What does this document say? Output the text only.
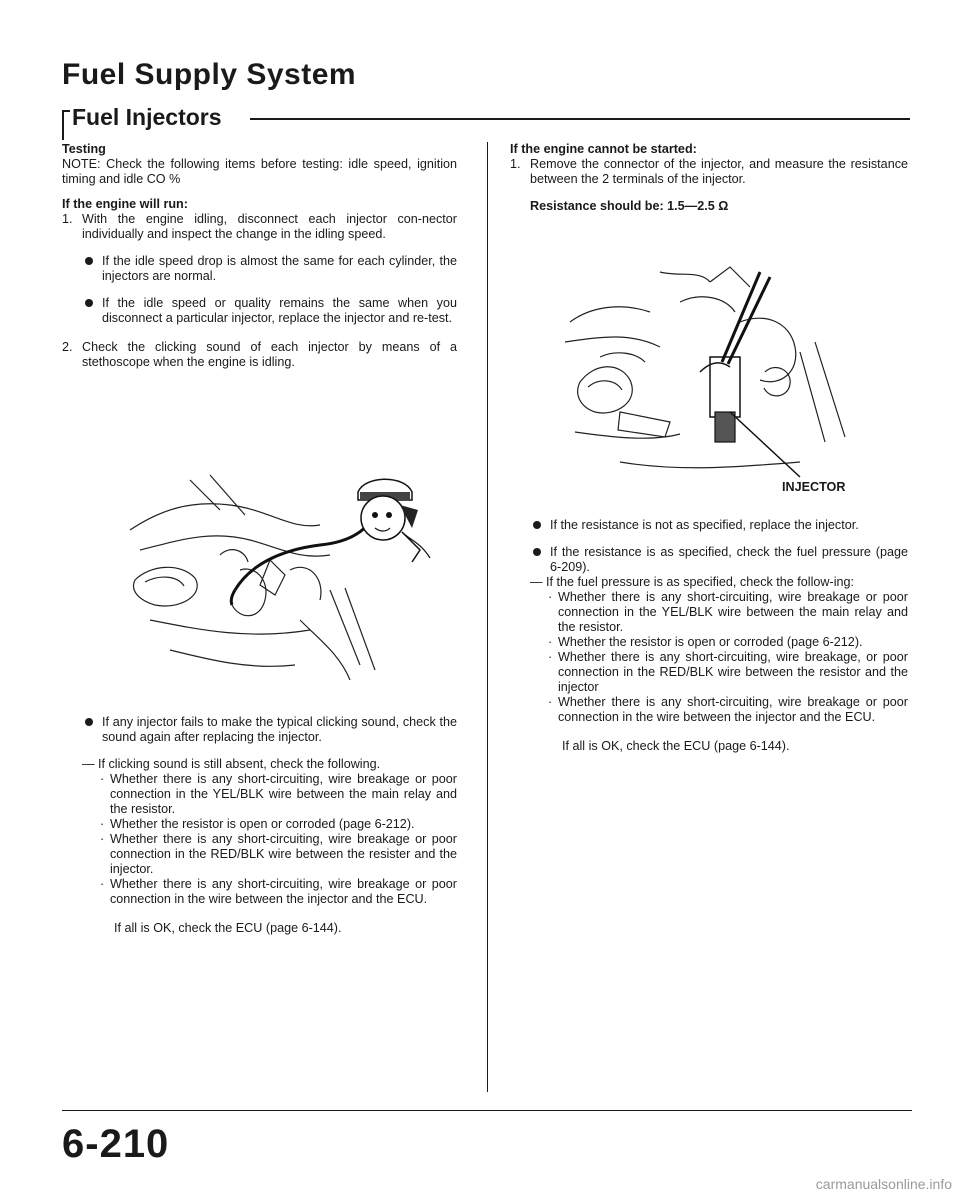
Fuel Supply System
Fuel Injectors

Testing

NOTE: Check the following items before testing: idle speed, ignition timing and idle CO %

If the engine will run:

1. With the engine idling, disconnect each injector con-nector individually and inspect the change in the idling speed.

If the idle speed drop is almost the same for each cylinder, the injectors are normal.

If the idle speed or quality remains the same when you disconnect a particular injector, replace the injector and re-test.

2. Check the clicking sound of each injector by means of a stethoscope when the engine is idling.

If any injector fails to make the typical clicking sound, check the sound again after replacing the injector.

— If clicking sound is still absent, check the following.

· Whether there is any short-circuiting, wire breakage or poor connection in the YEL/BLK wire between the main relay and the resistor.

· Whether the resistor is open or corroded (page 6-212).

· Whether there is any short-circuiting, wire breakage or poor connection in the RED/BLK wire between the resister and the injector.

· Whether there is any short-circuiting, wire breakage or poor connection in the wire between the injector and the ECU.

If all is OK, check the ECU (page 6-144).

If the engine cannot be started:

1. Remove the connector of the injector, and measure the resistance between the 2 terminals of the injector.

Resistance should be: 1.5—2.5 Ω

INJECTOR

If the resistance is not as specified, replace the injector.

If the resistance is as specified, check the fuel pressure (page 6-209).

— If the fuel pressure is as specified, check the follow-ing:

· Whether there is any short-circuiting, wire breakage or poor connection in the YEL/BLK wire between the main relay and the resistor.

· Whether the resistor is open or corroded (page 6-212).

· Whether there is any short-circuiting, wire breakage, or poor connection in the RED/BLK wire between the resistor and the injector

· Whether there is any short-circuiting, wire breakage or poor connection in the wire between the injector and the ECU.

If all is OK, check the ECU (page 6-144).

6-210
carmanualsonline.info
